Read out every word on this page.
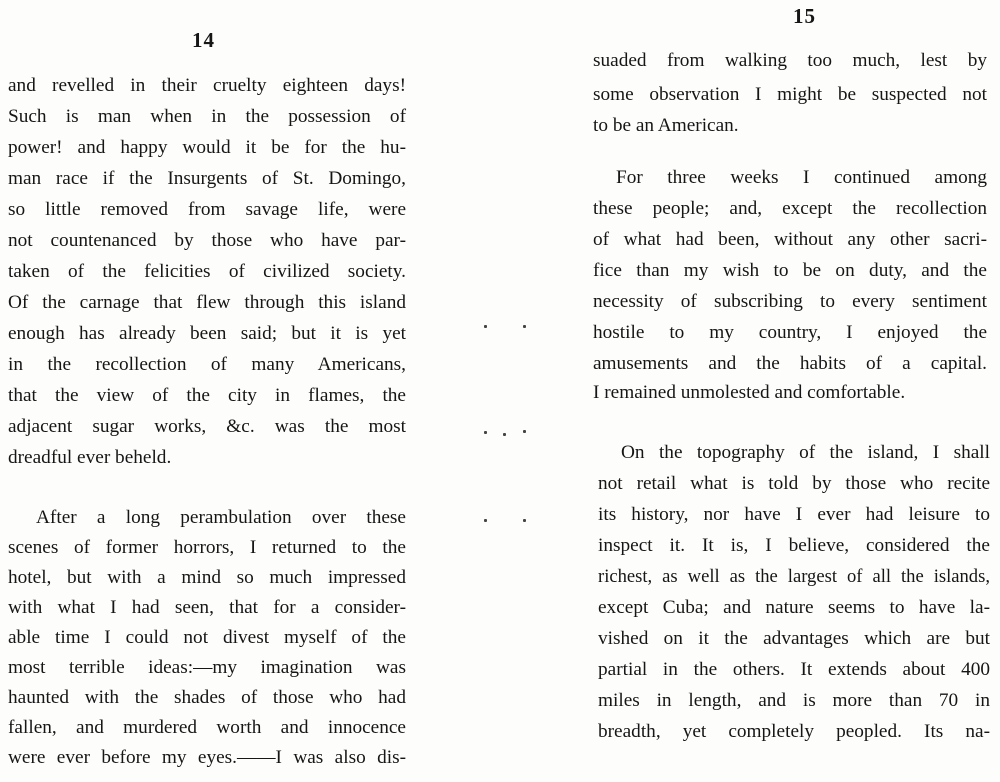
14
and revelled in their cruelty eighteen days!
Such is man when in the possession of
power! and happy would it be for the hu-
man race if the Insurgents of St. Domingo,
so little removed from savage life, were
not countenanced by those who have par-
taken of the felicities of civilized society.
Of the carnage that flew through this island
enough has already been said; but it is yet
in the recollection of many Americans,
that the view of the city in flames, the
adjacent sugar works, &c. was the most
dreadful ever beheld.
After a long perambulation over these
scenes of former horrors, I returned to the
hotel, but with a mind so much impressed
with what I had seen, that for a consider-
able time I could not divest myself of the
most terrible ideas:—my imagination was
haunted with the shades of those who had
fallen, and murdered worth and innocence
were ever before my eyes.——I was also dis-
15
suaded from walking too much, lest by
some observation I might be suspected not
to be an American.
For three weeks I continued among
these people; and, except the recollection
of what had been, without any other sacri-
fice than my wish to be on duty, and the
necessity of subscribing to every sentiment
hostile to my country, I enjoyed the
amusements and the habits of a capital.
I remained unmolested and comfortable.
On the topography of the island, I shall
not retail what is told by those who recite
its history, nor have I ever had leisure to
inspect it. It is, I believe, considered the
richest, as well as the largest of all the islands,
except Cuba; and nature seems to have la-
vished on it the advantages which are but
partial in the others. It extends about 400
miles in length, and is more than 70 in
breadth, yet completely peopled. Its na-
